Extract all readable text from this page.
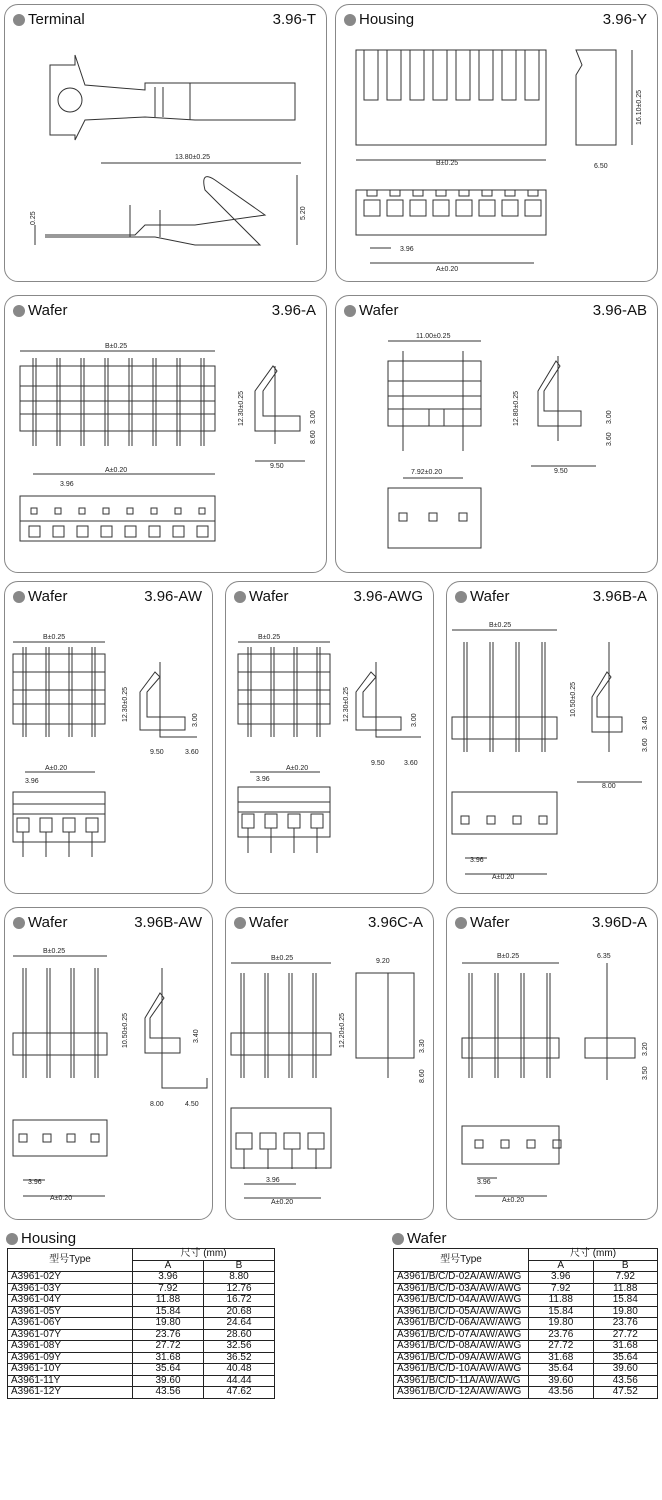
Terminal	3.96-T
13.80±0.25
5.20
0.25
Housing	3.96-Y
B±0.25
16.10±0.25
6.50
3.96
A±0.20
Wafer	3.96-A
B±0.25
12.30±0.25	3.00
8.60
9.50
A±0.20
3.96
Wafer	3.96-AB
11.00±0.25
12.80±0.25	3.00
3.60
9.50
7.92±0.20
Wafer	3.96-AW
B±0.25
12.30±0.25	3.00
9.50	3.60
A±0.20
3.96
Wafer	3.96-AWG
B±0.25
12.30±0.25	3.00
9.50	3.60
A±0.20
3.96
Wafer	3.96B-A
B±0.25
10.50±0.25
3.40
3.60
8.00
3.96
A±0.20
Wafer	3.96B-AW
B±0.25
10.50±0.25	3.40
8.00	4.50
3.96
A±0.20
Wafer	3.96C-A
B±0.25	9.20
12.20±0.25	3.30
8.60
3.96
A±0.20
Wafer	3.96D-A
B±0.25	6.35
3.20
3.50
3.96
A±0.20
Housing
型号Type	尺寸 (mm)	
	A	B
A3961-02Y	3.96	8.80
A3961-03Y	7.92	12.76
A3961-04Y	11.88	16.72
A3961-05Y	15.84	20.68
A3961-06Y	19.80	24.64
A3961-07Y	23.76	28.60
A3961-08Y	27.72	32.56
A3961-09Y	31.68	36.52
A3961-10Y	35.64	40.48
A3961-11Y	39.60	44.44
A3961-12Y	43.56	47.62
Wafer
型号Type	尺寸 (mm)	
	A	B
A3961/B/C/D-02A/AW/AWG	3.96	7.92
A3961/B/C/D-03A/AW/AWG	7.92	11.88
A3961/B/C/D-04A/AW/AWG	11.88	15.84
A3961/B/C/D-05A/AW/AWG	15.84	19.80
A3961/B/C/D-06A/AW/AWG	19.80	23.76
A3961/B/C/D-07A/AW/AWG	23.76	27.72
A3961/B/C/D-08A/AW/AWG	27.72	31.68
A3961/B/C/D-09A/AW/AWG	31.68	35.64
A3961/B/C/D-10A/AW/AWG	35.64	39.60
A3961/B/C/D-11A/AW/AWG	39.60	43.56
A3961/B/C/D-12A/AW/AWG	43.56	47.52
